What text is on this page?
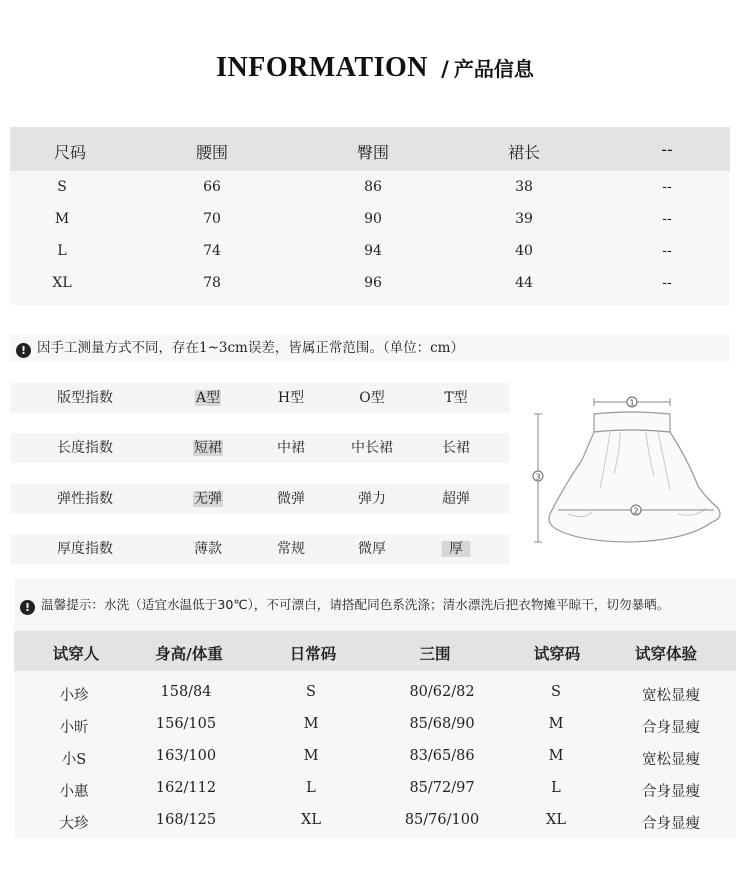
INFORMATION / 产品信息
尺码	腰围	臀围	裙长	--
S	66	86	38	--
M	70	90	39	--
L	74	94	40	--
XL	78	96	44	--
! 因手工测量方式不同，存在1~3cm误差，皆属正常范围。（单位：cm）
版型指数	A型	H型	O型	T型
长度指数	短裙	中裙	中长裙	长裙
弹性指数	无弹	微弹	弹力	超弹
厚度指数	薄款	常规	微厚	厚
1
3
2
! 温馨提示：水洗（适宜水温低于30℃），不可漂白，请搭配同色系洗涤；清水漂洗后把衣物摊平晾干，切勿暴晒。
试穿人	身高/体重	日常码	三围	试穿码	试穿体验
小珍	158/84	S	80/62/82	S	宽松显瘦
小昕	156/105	M	85/68/90	M	合身显瘦
小S	163/100	M	83/65/86	M	宽松显瘦
小惠	162/112	L	85/72/97	L	合身显瘦
大珍	168/125	XL	85/76/100	XL	合身显瘦
